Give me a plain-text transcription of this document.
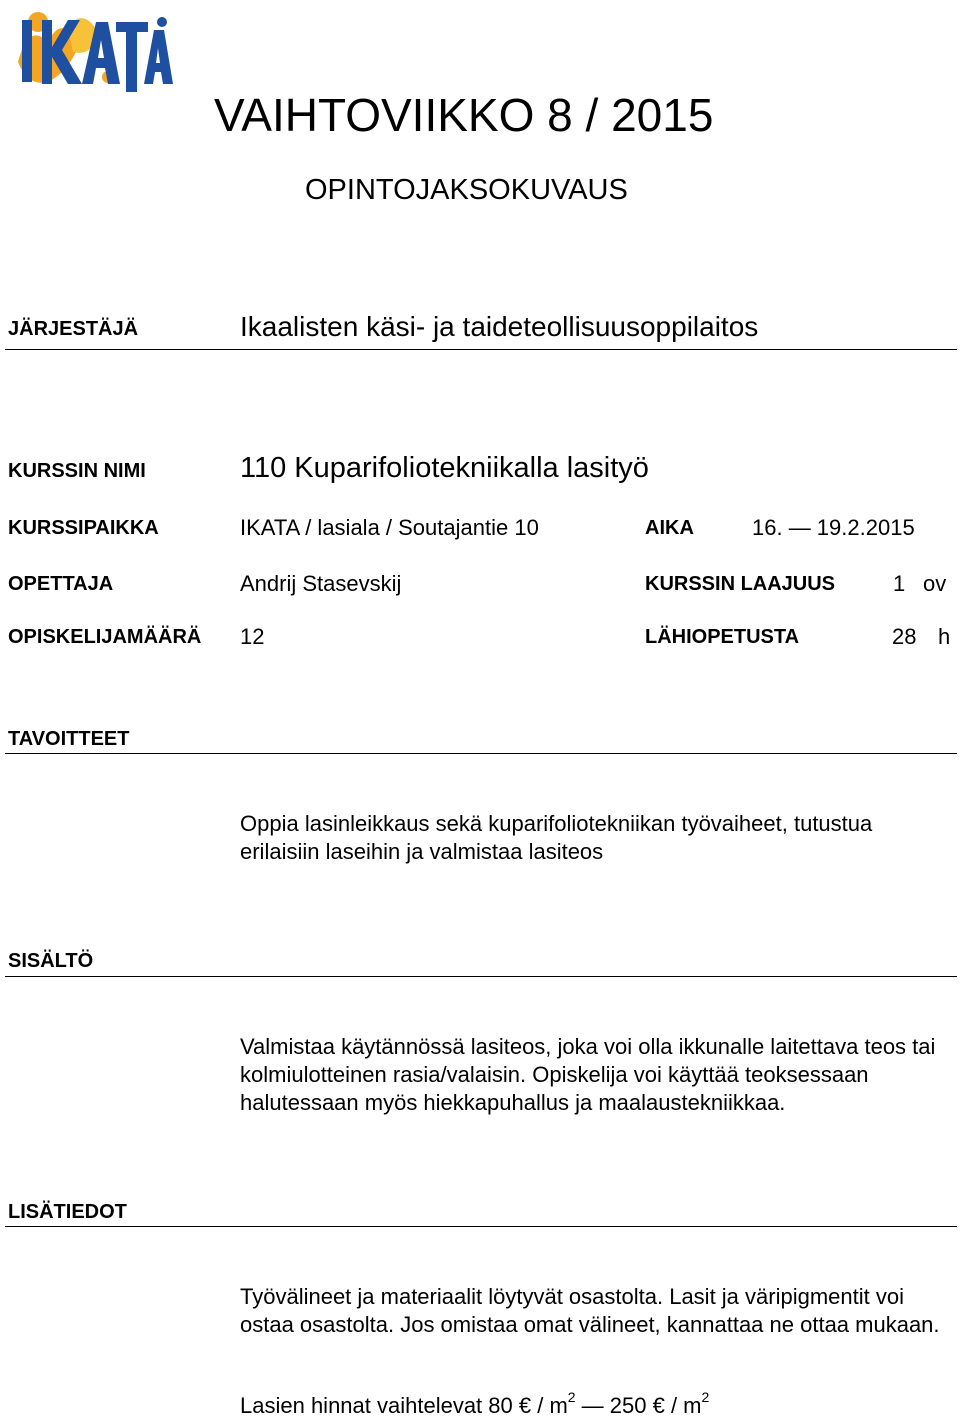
VAIHTOVIIKKO 8 / 2015
OPINTOJAKSOKUVAUS
JÄRJESTÄJÄ	Ikaalisten käsi- ja taideteollisuusoppilaitos
KURSSIN NIMI	110 Kuparifoliotekniikalla lasityö
KURSSIPAIKKA	IKATA / lasiala / Soutajantie 10	AIKA	16. — 19.2.2015
OPETTAJA	Andrij Stasevskij	KURSSIN LAAJUUS	1 ov
OPISKELIJAMÄÄRÄ 12	LÄHIOPETUSTA	28 h
TAVOITTEET
Oppia lasinleikkaus sekä kuparifoliotekniikan työvaiheet, tutustua erilaisiin laseihin ja valmistaa lasiteos
SISÄLTÖ
Valmistaa käytännössä lasiteos, joka voi olla ikkunalle laitettava teos tai kolmiulotteinen rasia/valaisin. Opiskelija voi käyttää teoksessaan halutessaan myös hiekkapuhallus ja maalaustekniikkaa.
LISÄTIEDOT
Työvälineet ja materiaalit löytyvät osastolta. Lasit ja väripigmentit voi ostaa osastolta. Jos omistaa omat välineet, kannattaa ne ottaa mukaan.
Lasien hinnat vaihtelevat 80 € / $m^2$ — 250 € / $m^2$
